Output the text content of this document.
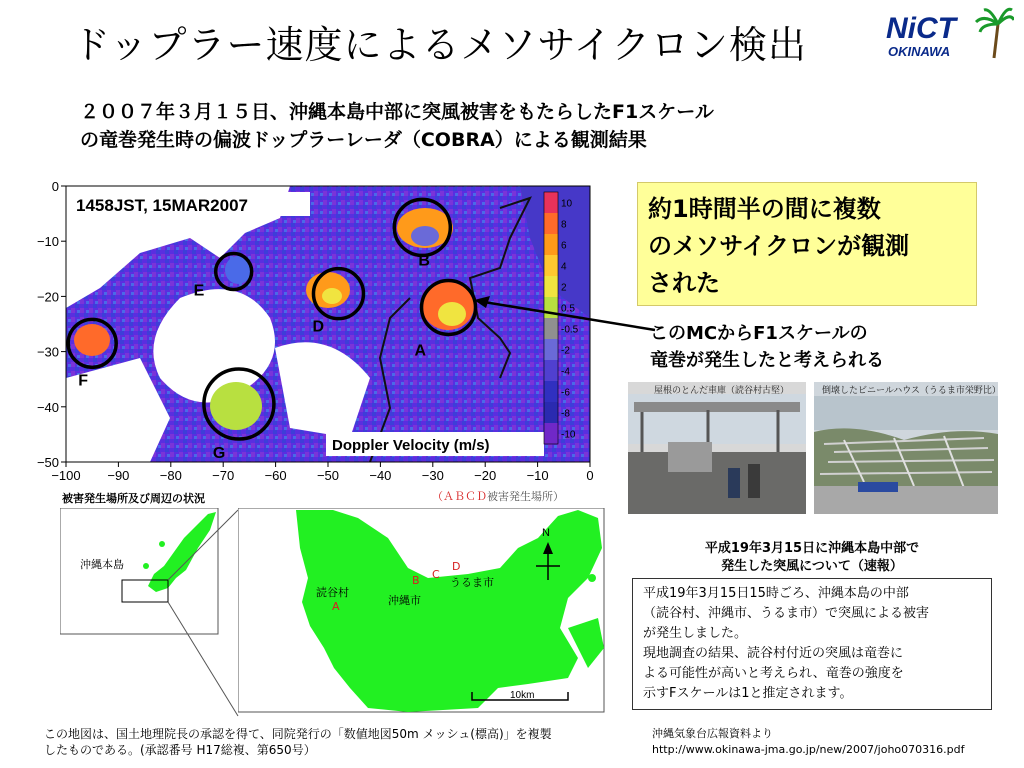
ドップラー速度によるメソサイクロン検出	NiCT
OKINAWA
２００７年３月１５日、沖縄本島中部に突風被害をもたらしたF1スケール
の竜巻発生時の偏波ドップラーレーダ（COBRA）による観測結果
1458JST, 15MAR2007
Doppler Velocity (m/s)
10
8
6
4
2
0.5
-0.5
-2
-4
-6
-8
-10
−100 −90 −80 −70 −60 −50 −40 −30 −20 −10	0
0
−10
−20
−30
−40
−50
B
E
D
A
F
G
約1時間半の間に複数
のメソサイクロンが観測
された
このMCからF1スケールの
竜巻が発生したと考えられる
屋根のとんだ車庫（読谷村古堅）	倒壊したビニールハウス（うるま市栄野比）
平成19年3月15日に沖縄本島中部で
発生した突風について（速報）
平成19年3月15日15時ごろ、沖縄本島の中部
（読谷村、沖縄市、うるま市）で突風による被害
が発生しました。
現地調査の結果、読谷村付近の突風は竜巻に
よる可能性が高いと考えられ、竜巻の強度を
示すFスケールは1と推定されます。
沖縄気象台広報資料より
http://www.okinawa-jma.go.jp/new/2007/joho070316.pdf
被害発生場所及び周辺の状況	（ＡＢＣＤ被害発生場所）
沖縄本島
読谷村
A	沖縄市
B C
D
うるま市
N
10km
この地図は、国土地理院長の承認を得て、同院発行の「数値地図50m メッシュ(標高)」を複製
したものである。(承認番号 H17総複、第650号）
